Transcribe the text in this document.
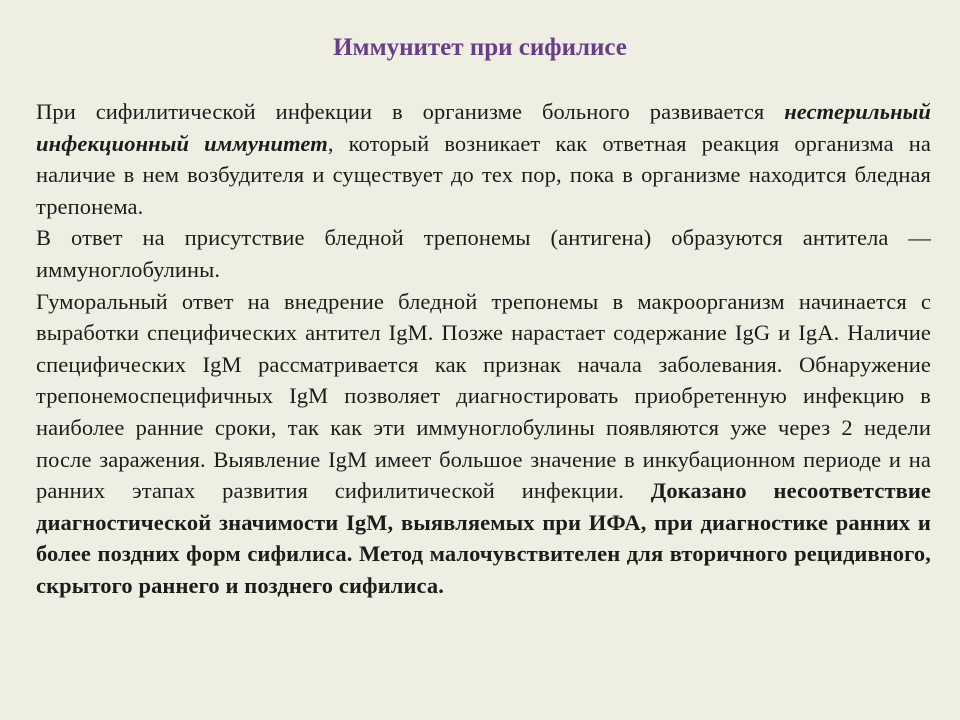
Иммунитет при сифилисе

При сифилитической инфекции в организме больного развивается нестерильный инфекционный иммунитет, который возникает как ответная реакция организма на наличие в нем возбудителя и существует до тех пор, пока в организме находится бледная трепонема.

В ответ на присутствие бледной трепонемы (антигена) образуются антитела — иммуноглобулины.

Гуморальный ответ на внедрение бледной трепонемы в макроорганизм начинается с выработки специфических антител IgM. Позже нарастает содержание IgG и IgA. Наличие специфических IgM рассматривается как признак начала заболевания. Обнаружение трепонемоспецифичных IgM позволяет диагностировать приобретенную инфекцию в наиболее ранние сроки, так как эти иммуноглобулины появляются уже через 2 недели после заражения. Выявление IgM имеет большое значение в инкубационном периоде и на ранних этапах развития сифилитической инфекции. Доказано несоответствие диагностической значимости IgM, выявляемых при ИФА, при диагностике ранних и более поздних форм сифилиса. Метод малочувствителен для вторичного рецидивного, скрытого раннего и позднего сифилиса.
